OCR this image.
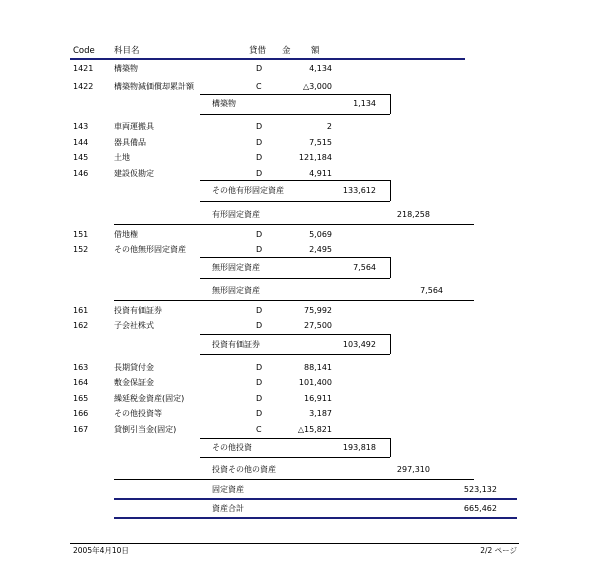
Code 科目名	貸借 金 額
1421	構築物	D	4,134
1422	構築物減価償却累計額	C	△3,000
構築物	1,134
143	車両運搬具	D	2
144	器具備品	D	7,515
145	土地	D	121,184
146	建設仮勘定	D	4,911
その他有形固定資産	133,612
有形固定資産	218,258
151	借地権	D	5,069
152	その他無形固定資産	D	2,495
無形固定資産	7,564
無形固定資産	7,564
161	投資有価証券	D	75,992
162	子会社株式	D	27,500
投資有価証券	103,492
163	長期貸付金	D	88,141
164	敷金保証金	D	101,400
165	繰延税金資産(固定)	D	16,911
166	その他投資等	D	3,187
167	貸倒引当金(固定)	C	△15,821
その他投資	193,818
投資その他の資産	297,310
固定資産	523,132
資産合計	665,462
2005年4月10日	2/2 ページ
